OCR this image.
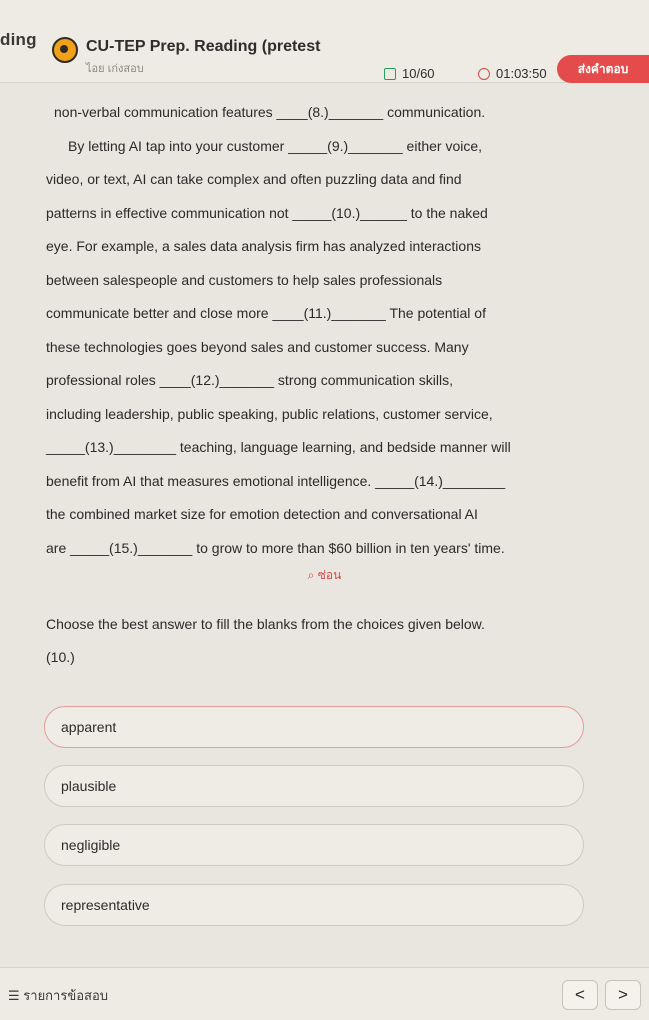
ding	CU-TEP Prep. Reading (pretest
ไอย เก่งสอบ	10/60	01:03:50	ส่งคำตอบ

non-verbal communication features ____(8.)_______ communication.

By letting AI tap into your customer _____(9.)_______ either voice,

video, or text, AI can take complex and often puzzling data and find

patterns in effective communication not _____(10.)______ to the naked

eye. For example, a sales data analysis firm has analyzed interactions

between salespeople and customers to help sales professionals

communicate better and close more ____(11.)_______ The potential of

these technologies goes beyond sales and customer success. Many

professional roles ____(12.)_______ strong communication skills,

including leadership, public speaking, public relations, customer service,

_____(13.)________ teaching, language learning, and bedside manner will

benefit from AI that measures emotional intelligence. _____(14.)________

the combined market size for emotion detection and conversational AI

are _____(15.)_______ to grow to more than $60 billion in ten years' time.

⌕ ซ่อน
Choose the best answer to fill the blanks from the choices given below.
(10.)
apparent
plausible
negligible
representative
☰ รายการข้อสอบ	< >
